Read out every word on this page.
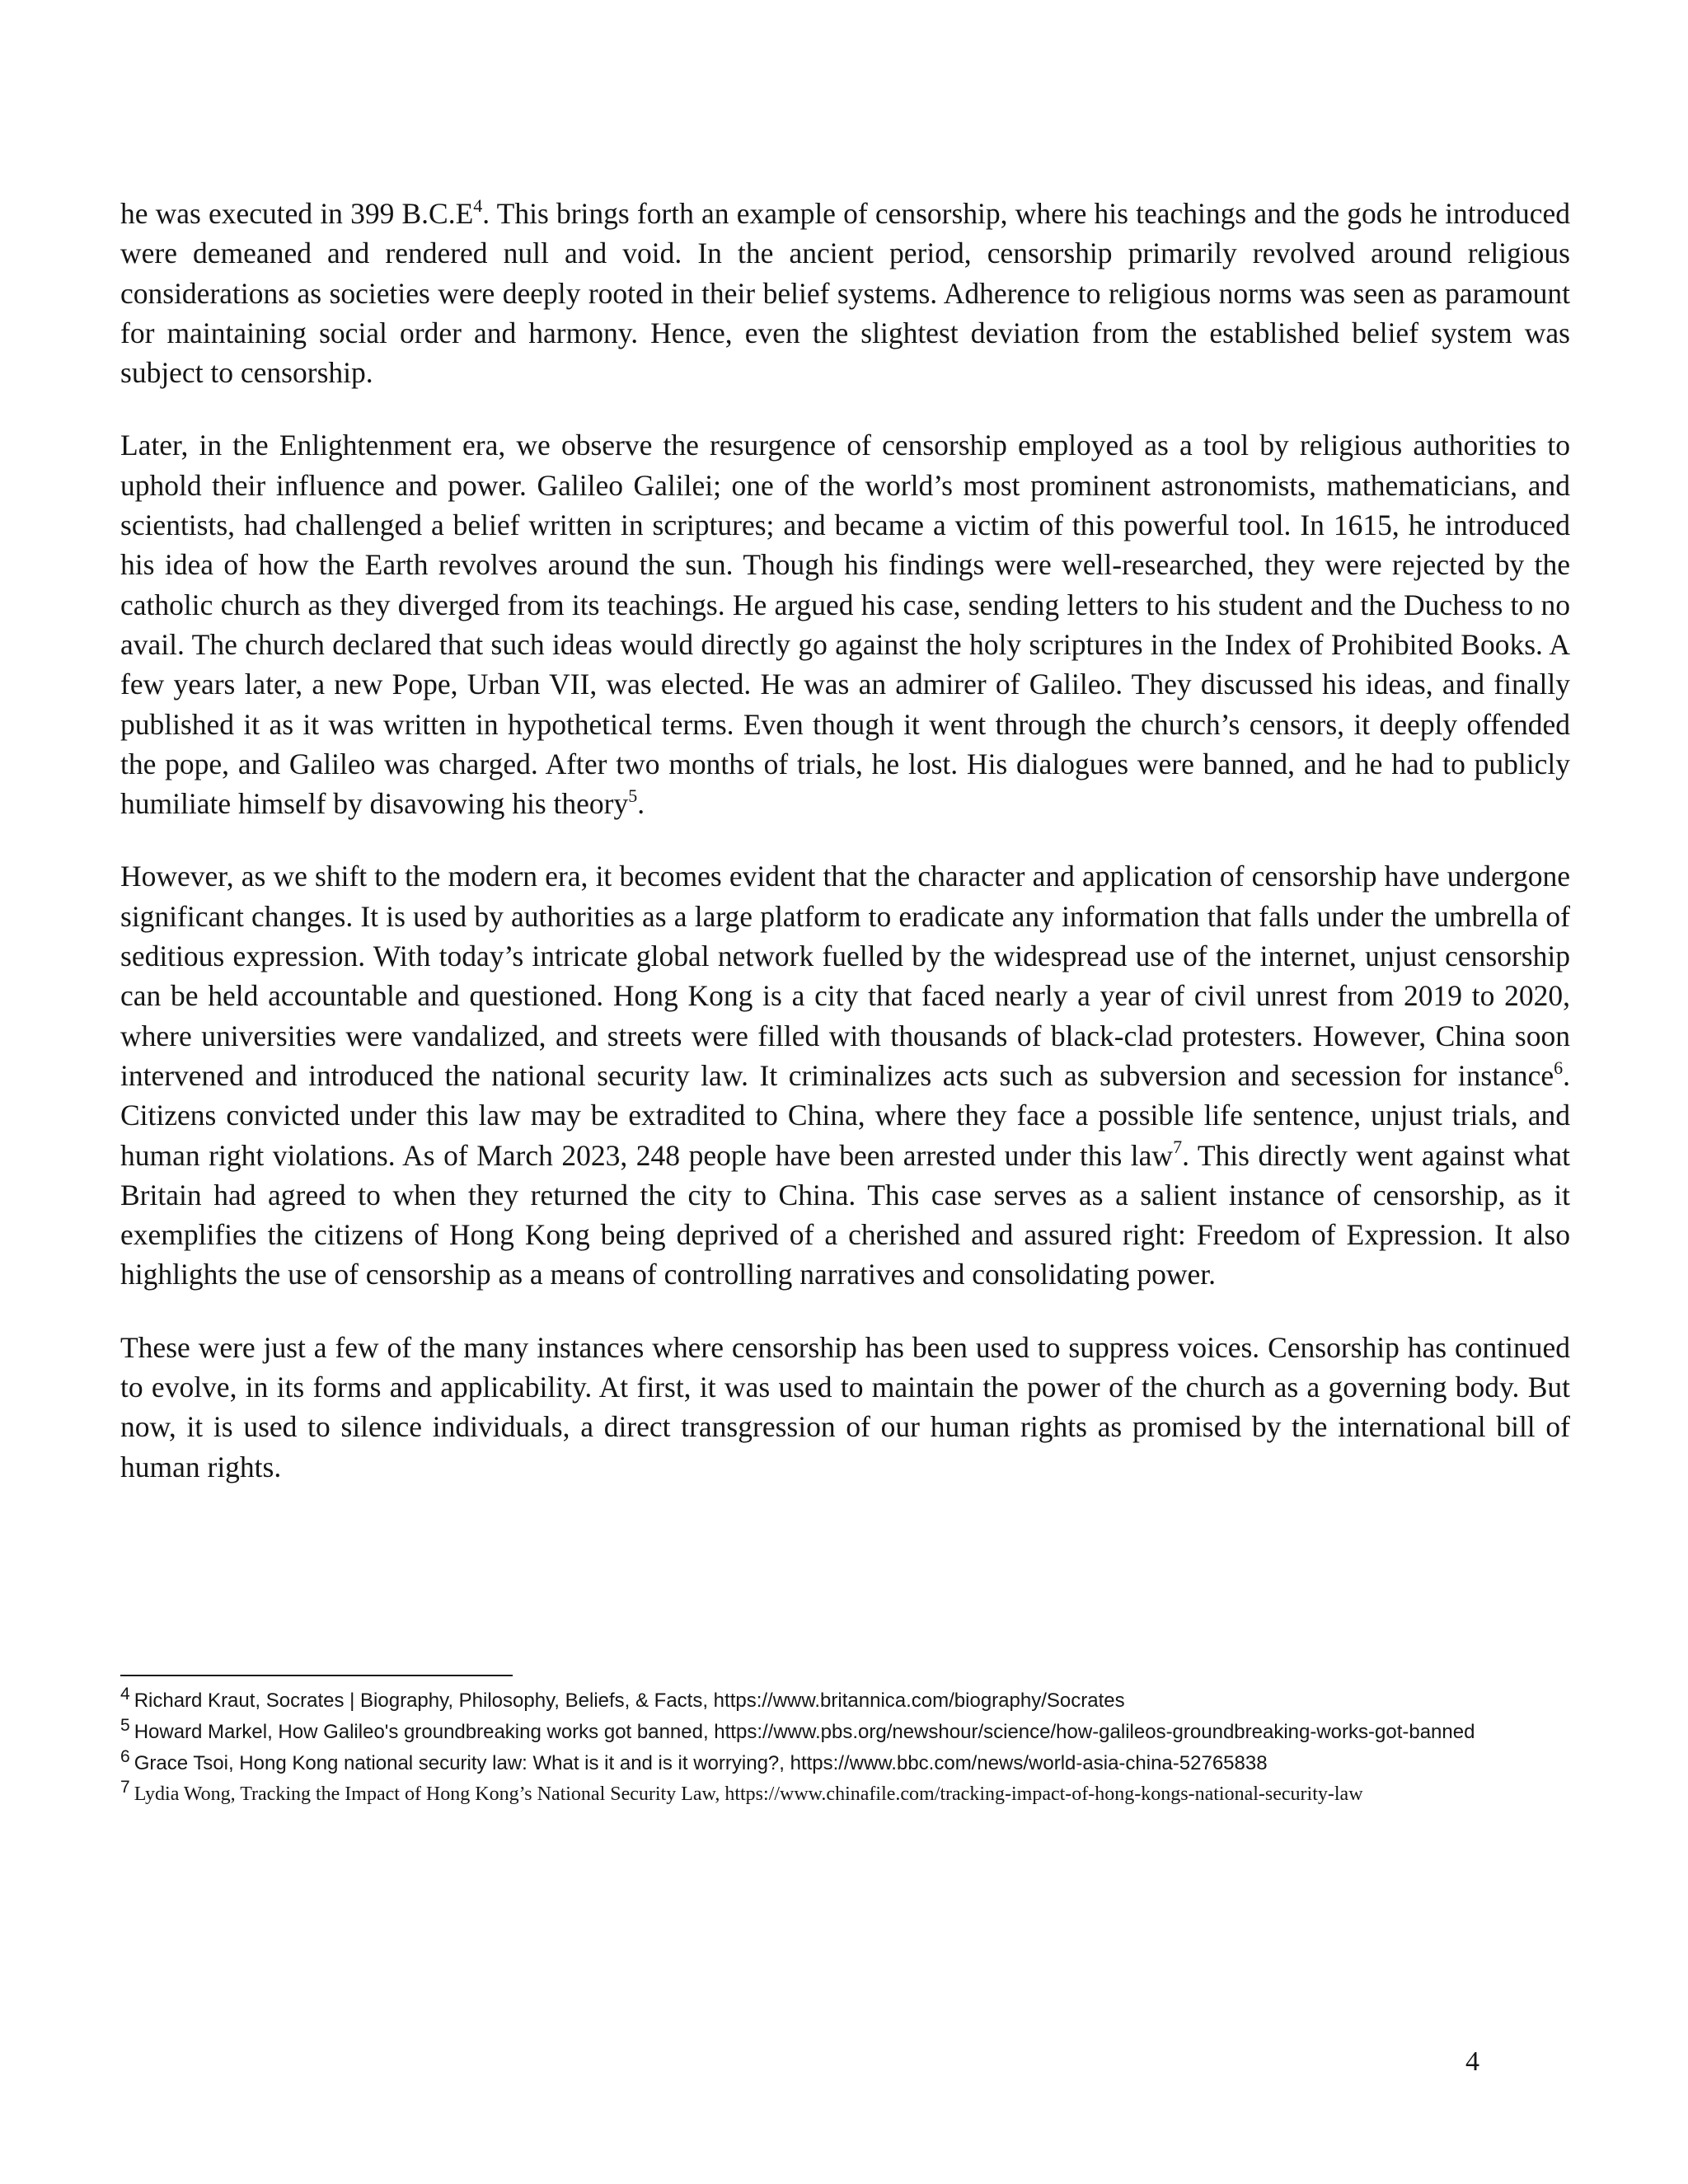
he was executed in 399 $B.C.E^4$. This brings forth an example of censorship, where his teachings and the gods he introduced were demeaned and rendered null and void. In the ancient period, censorship primarily revolved around religious considerations as societies were deeply rooted in their belief systems. Adherence to religious norms was seen as paramount for maintaining social order and harmony. Hence, even the slightest deviation from the established belief system was subject to censorship.

Later, in the Enlightenment era, we observe the resurgence of censorship employed as a tool by religious authorities to uphold their influence and power. Galileo Galilei; one of the world’s most prominent astronomists, mathematicians, and scientists, had challenged a belief written in scriptures; and became a victim of this powerful tool. In 1615, he introduced his idea of how the Earth revolves around the sun. Though his findings were well-researched, they were rejected by the catholic church as they diverged from its teachings. He argued his case, sending letters to his student and the Duchess to no avail. The church declared that such ideas would directly go against the holy scriptures in the Index of Prohibited Books. A few years later, a new Pope, Urban VII, was elected. He was an admirer of Galileo. They discussed his ideas, and finally published it as it was written in hypothetical terms. Even though it went through the church’s censors, it deeply offended the pope, and Galileo was charged. After two months of trials, he lost. His dialogues were banned, and he had to publicly humiliate himself by disavowing his theory$^5$.

However, as we shift to the modern era, it becomes evident that the character and application of censorship have undergone significant changes. It is used by authorities as a large platform to eradicate any information that falls under the umbrella of seditious expression. With today’s intricate global network fuelled by the widespread use of the internet, unjust censorship can be held accountable and questioned. Hong Kong is a city that faced nearly a year of civil unrest from 2019 to 2020, where universities were vandalized, and streets were filled with thousands of black-clad protesters. However, China soon intervened and introduced the national security law. It criminalizes acts such as subversion and secession for instance$^6$. Citizens convicted under this law may be extradited to China, where they face a possible life sentence, unjust trials, and human right violations. As of March 2023, 248 people have been arrested under this law$^7$. This directly went against what Britain had agreed to when they returned the city to China. This case serves as a salient instance of censorship, as it exemplifies the citizens of Hong Kong being deprived of a cherished and assured right: Freedom of Expression. It also highlights the use of censorship as a means of controlling narratives and consolidating power.

These were just a few of the many instances where censorship has been used to suppress voices. Censorship has continued to evolve, in its forms and applicability. At first, it was used to maintain the power of the church as a governing body. But now, it is used to silence individuals, a direct transgression of our human rights as promised by the international bill of human rights.

4 Richard Kraut, Socrates | Biography, Philosophy, Beliefs, & Facts, https://www.britannica.com/biography/Socrates
5 Howard Markel, How Galileo's groundbreaking works got banned, https://www.pbs.org/newshour/science/how-galileos-groundbreaking-works-got-banned
6 Grace Tsoi, Hong Kong national security law: What is it and is it worrying?, https://www.bbc.com/news/world-asia-china-52765838
7 Lydia Wong, Tracking the Impact of Hong Kong’s National Security Law, https://www.chinafile.com/tracking-impact-of-hong-kongs-national-security-law
4
